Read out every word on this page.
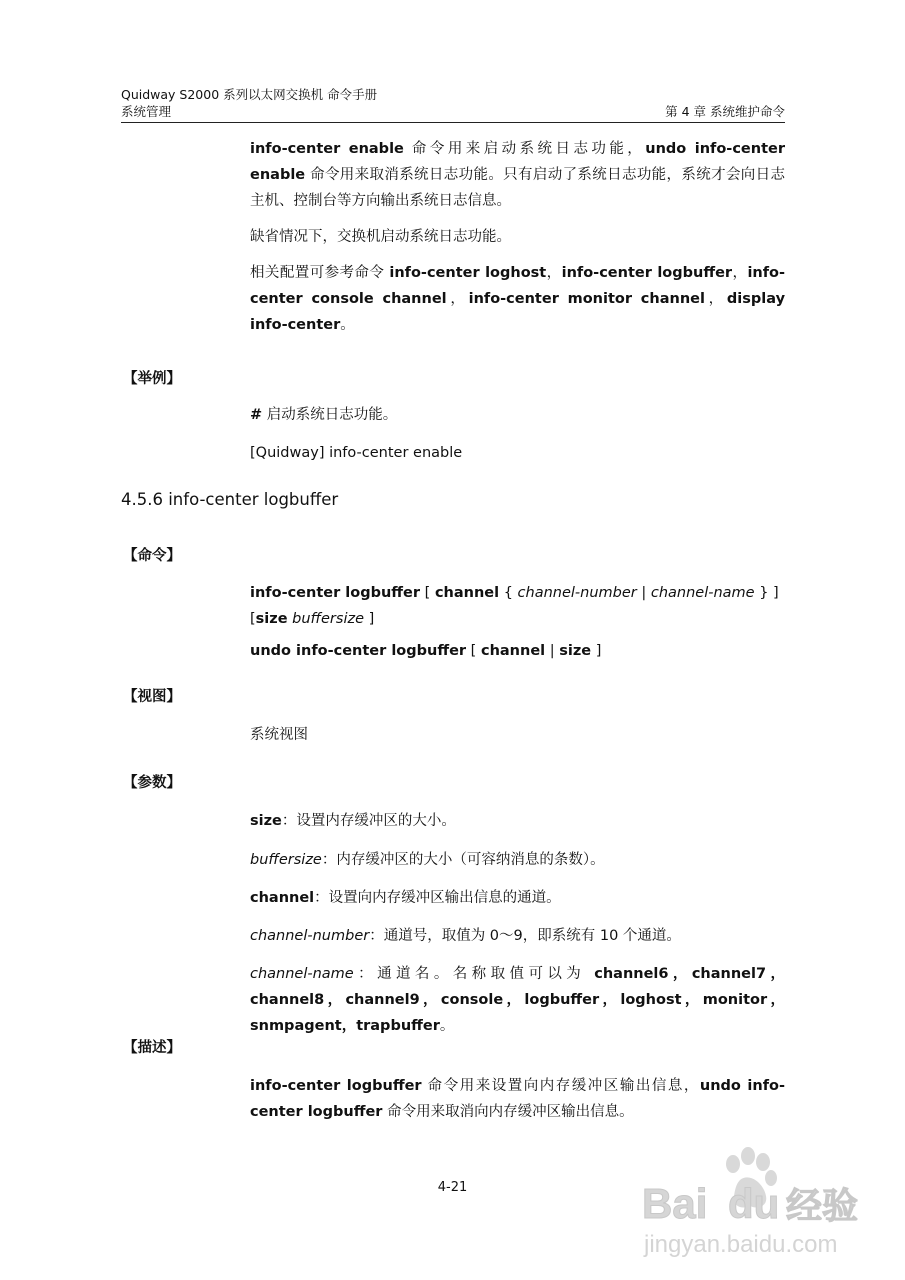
Quidway S2000 系列以太网交换机 命令手册
系统管理	第 4 章 系统维护命令

info-center enable 命令用来启动系统日志功能，undo info-center enable 命令用来取消系统日志功能。只有启动了系统日志功能，系统才会向日志主机、控制台等方向输出系统日志信息。

缺省情况下，交换机启动系统日志功能。

相关配置可参考命令 info-center loghost，info-center logbuffer，info-center console channel，info-center monitor channel，display info-center。

【举例】
# 启动系统日志功能。
[Quidway] info-center enable
4.5.6 info-center logbuffer
【命令】

info-center logbuffer [ channel { channel-number | channel-name } ] [size buffersize ]

undo info-center logbuffer [ channel | size ]
【视图】
系统视图
【参数】
size：设置内存缓冲区的大小。
buffersize：内存缓冲区的大小（可容纳消息的条数）。
channel：设置向内存缓冲区输出信息的通道。
channel-number：通道号，取值为 0～9，即系统有 10 个通道。

channel-name：通道名。名称取值可以为 channel6，channel7，channel8，channel9，console，logbuffer，loghost，monitor，snmpagent，trapbuffer。

【描述】

info-center logbuffer 命令用来设置向内存缓冲区输出信息，undo info-center logbuffer 命令用来取消向内存缓冲区输出信息。

4-21	Bai du 经验
jingyan.baidu.com
